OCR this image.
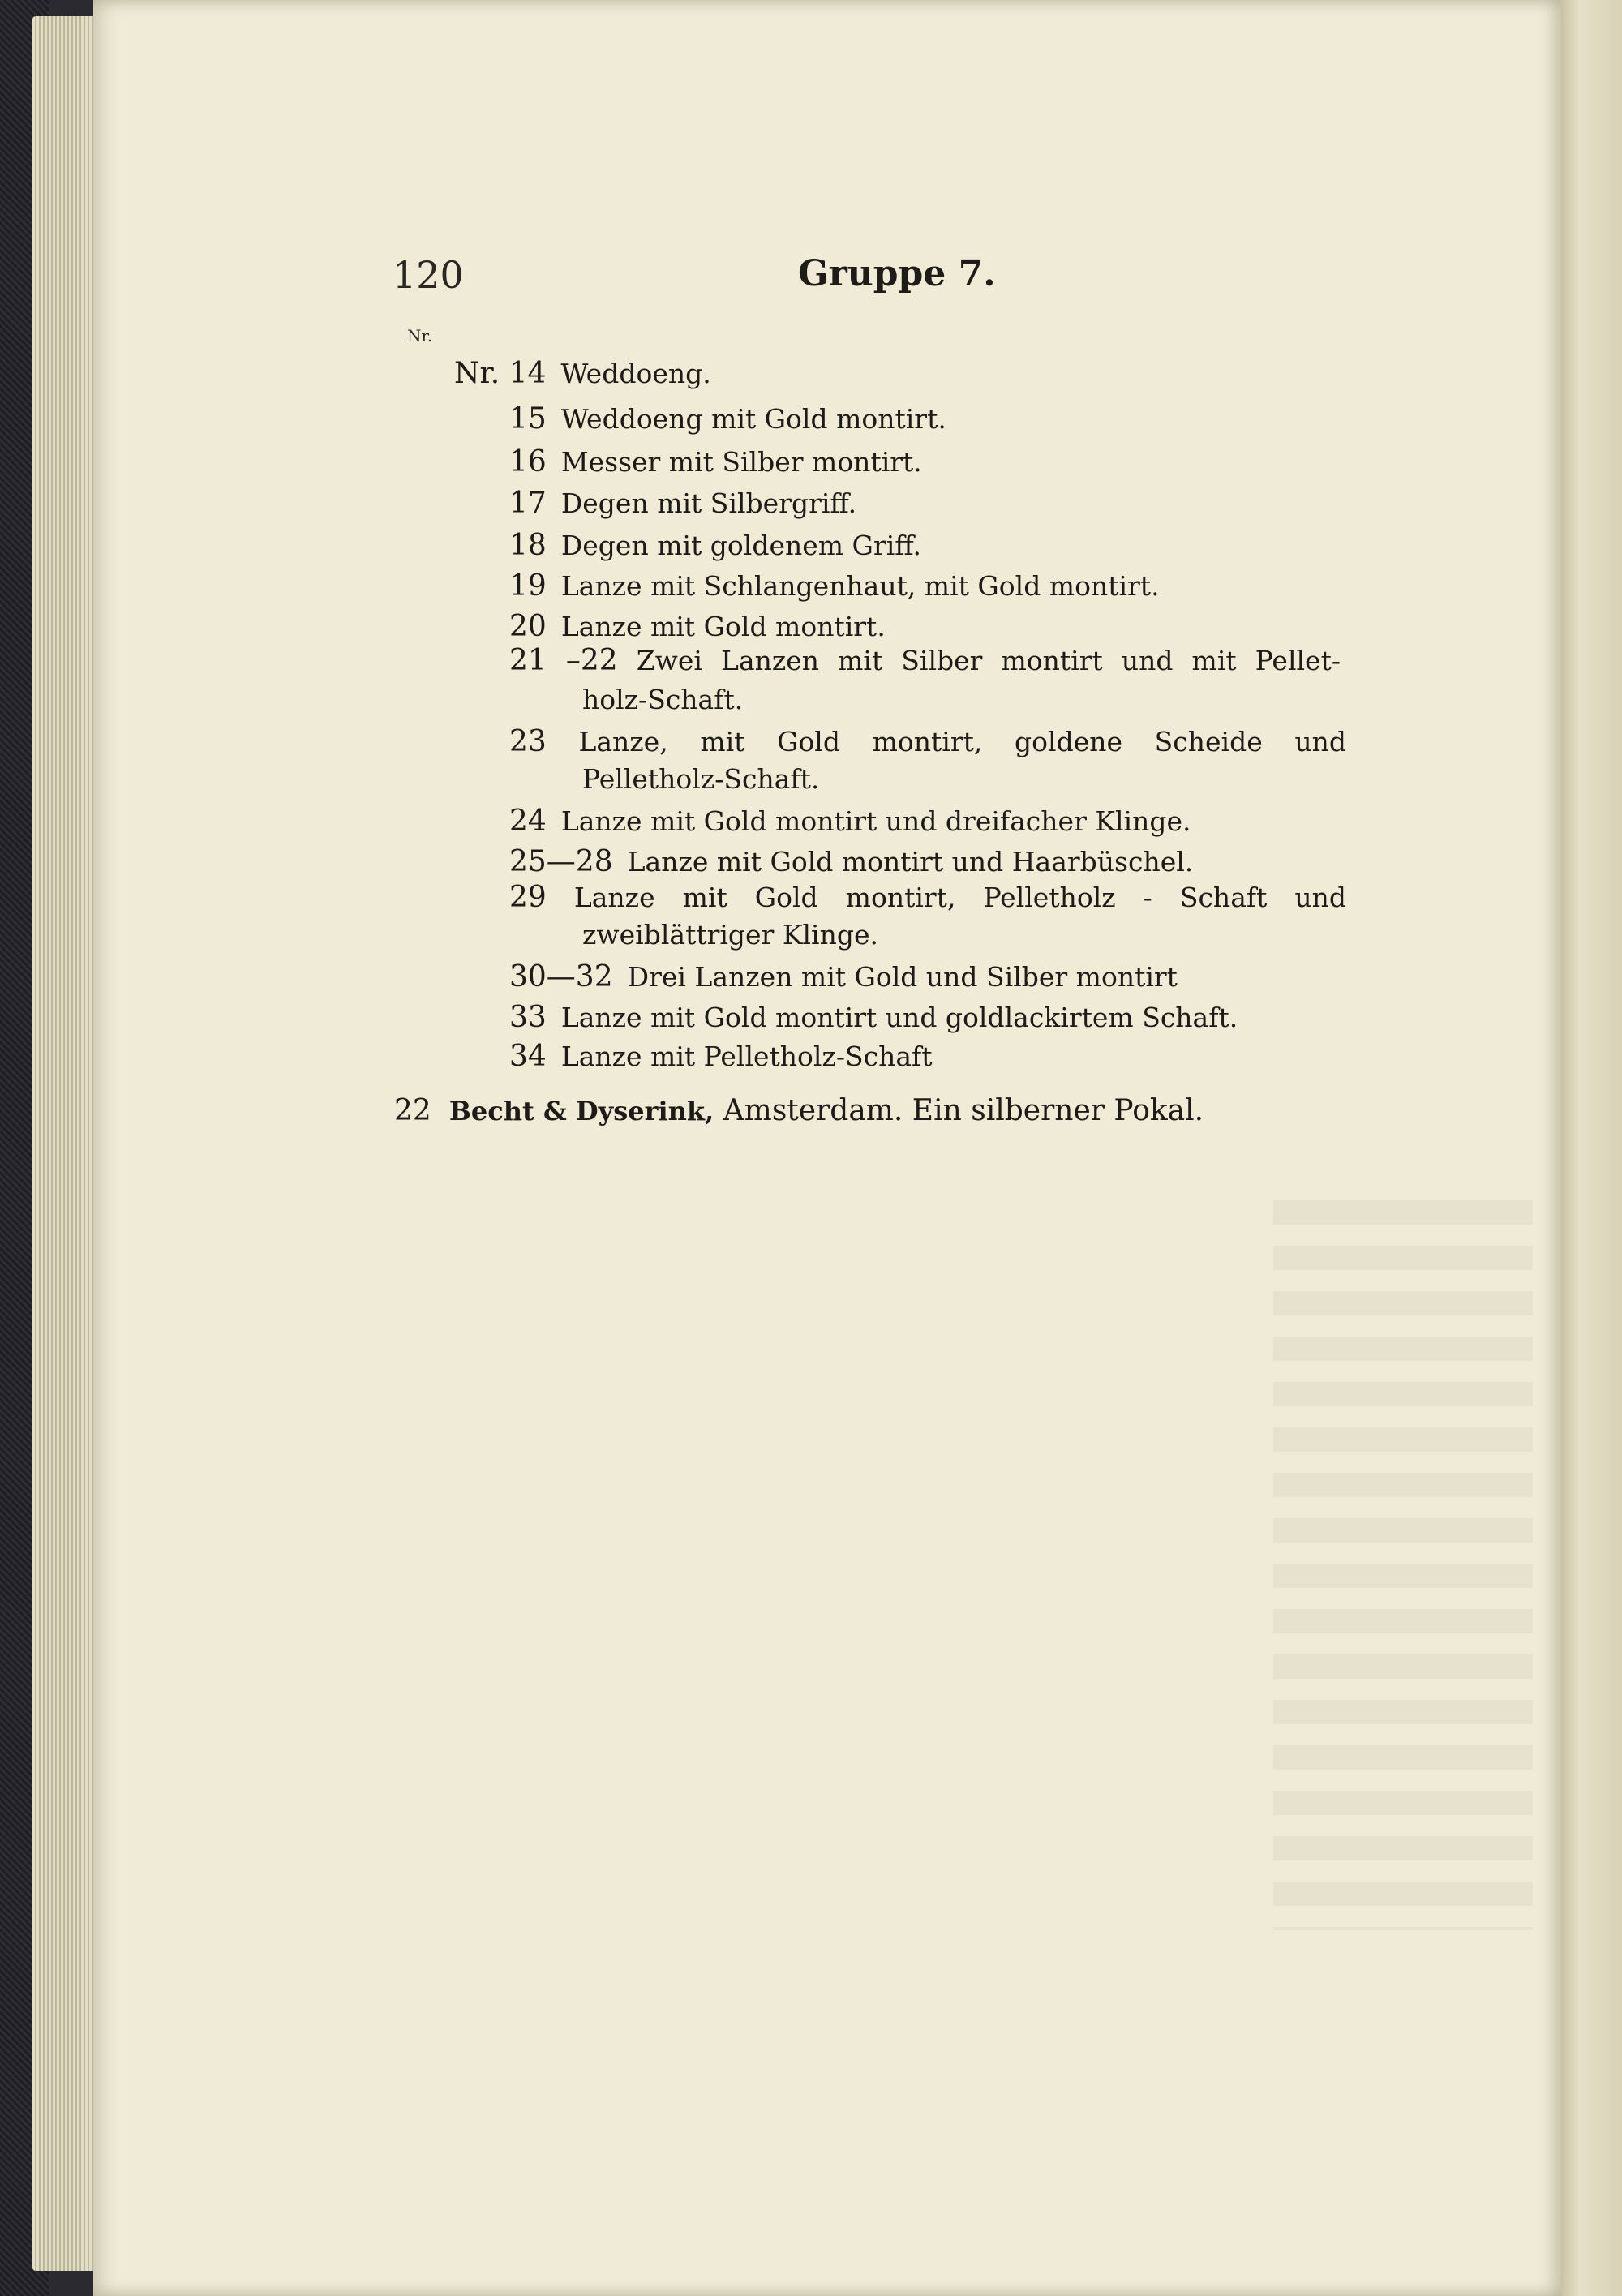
120	Gruppe 7.
Nr.
Nr. 14 Weddoeng.
15 Weddoeng mit Gold montirt.
16 Messer mit Silber montirt.
17 Degen mit Silbergriff.
18 Degen mit goldenem Griff.
19 Lanze mit Schlangenhaut, mit Gold montirt.
20 Lanze mit Gold montirt.
21 –22 Zwei Lanzen mit Silber montirt und mit Pellet-
holz-Schaft.
23 Lanze, mit Gold montirt, goldene Scheide und
Pelletholz-Schaft.
24 Lanze mit Gold montirt und dreifacher Klinge.
25—28 Lanze mit Gold montirt und Haarbüschel.
29 Lanze mit Gold montirt, Pelletholz - Schaft und
zweiblättriger Klinge.
30—32 Drei Lanzen mit Gold und Silber montirt
33 Lanze mit Gold montirt und goldlackirtem Schaft.
34 Lanze mit Pelletholz-Schaft
22 Becht & Dyserink, Amsterdam. Ein silberner Pokal.
